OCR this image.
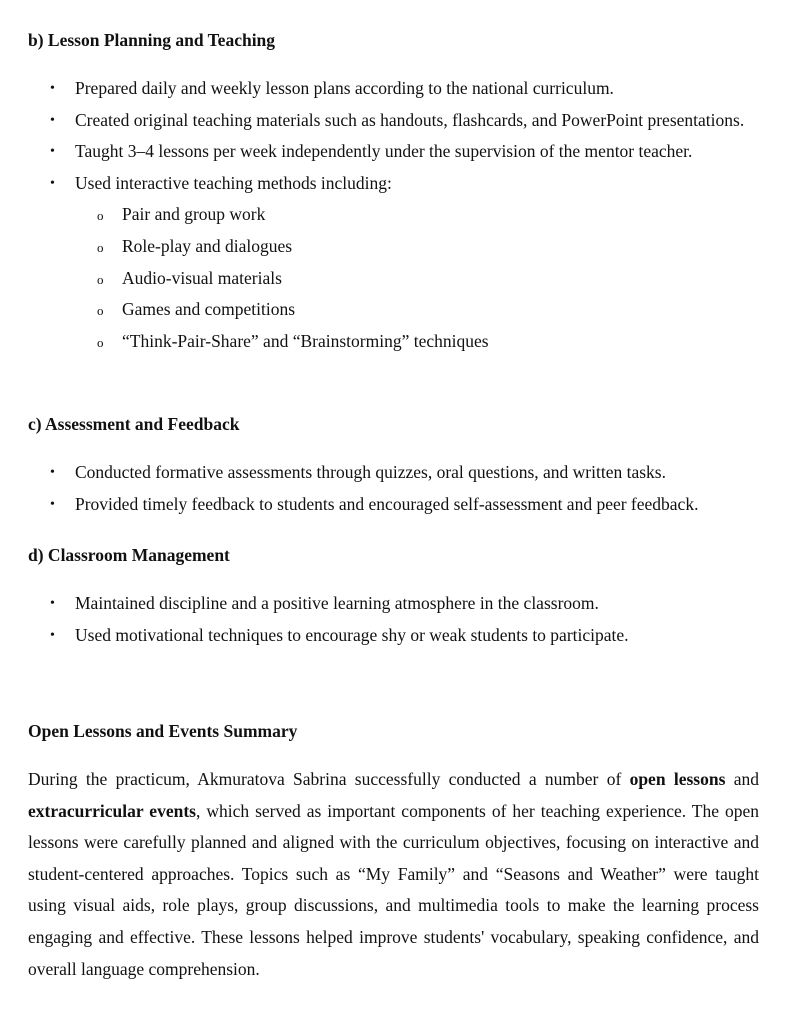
b) Lesson Planning and Teaching
• Prepared daily and weekly lesson plans according to the national curriculum.
• Created original teaching materials such as handouts, flashcards, and PowerPoint presentations.
• Taught 3–4 lessons per week independently under the supervision of the mentor teacher.
• Used interactive teaching methods including:
o Pair and group work
o Role-play and dialogues
o Audio-visual materials
o Games and competitions
o “Think-Pair-Share” and “Brainstorming” techniques
c) Assessment and Feedback
• Conducted formative assessments through quizzes, oral questions, and written tasks.
• Provided timely feedback to students and encouraged self-assessment and peer feedback.
d) Classroom Management
• Maintained discipline and a positive learning atmosphere in the classroom.
• Used motivational techniques to encourage shy or weak students to participate.
Open Lessons and Events Summary

During the practicum, Akmuratova Sabrina successfully conducted a number of open lessons and extracurricular events, which served as important components of her teaching experience. The open lessons were carefully planned and aligned with the curriculum objectives, focusing on interactive and student-centered approaches. Topics such as “My Family” and “Seasons and Weather” were taught using visual aids, role plays, group discussions, and multimedia tools to make the learning process engaging and effective. These lessons helped improve students' vocabulary, speaking confidence, and overall language comprehension.
